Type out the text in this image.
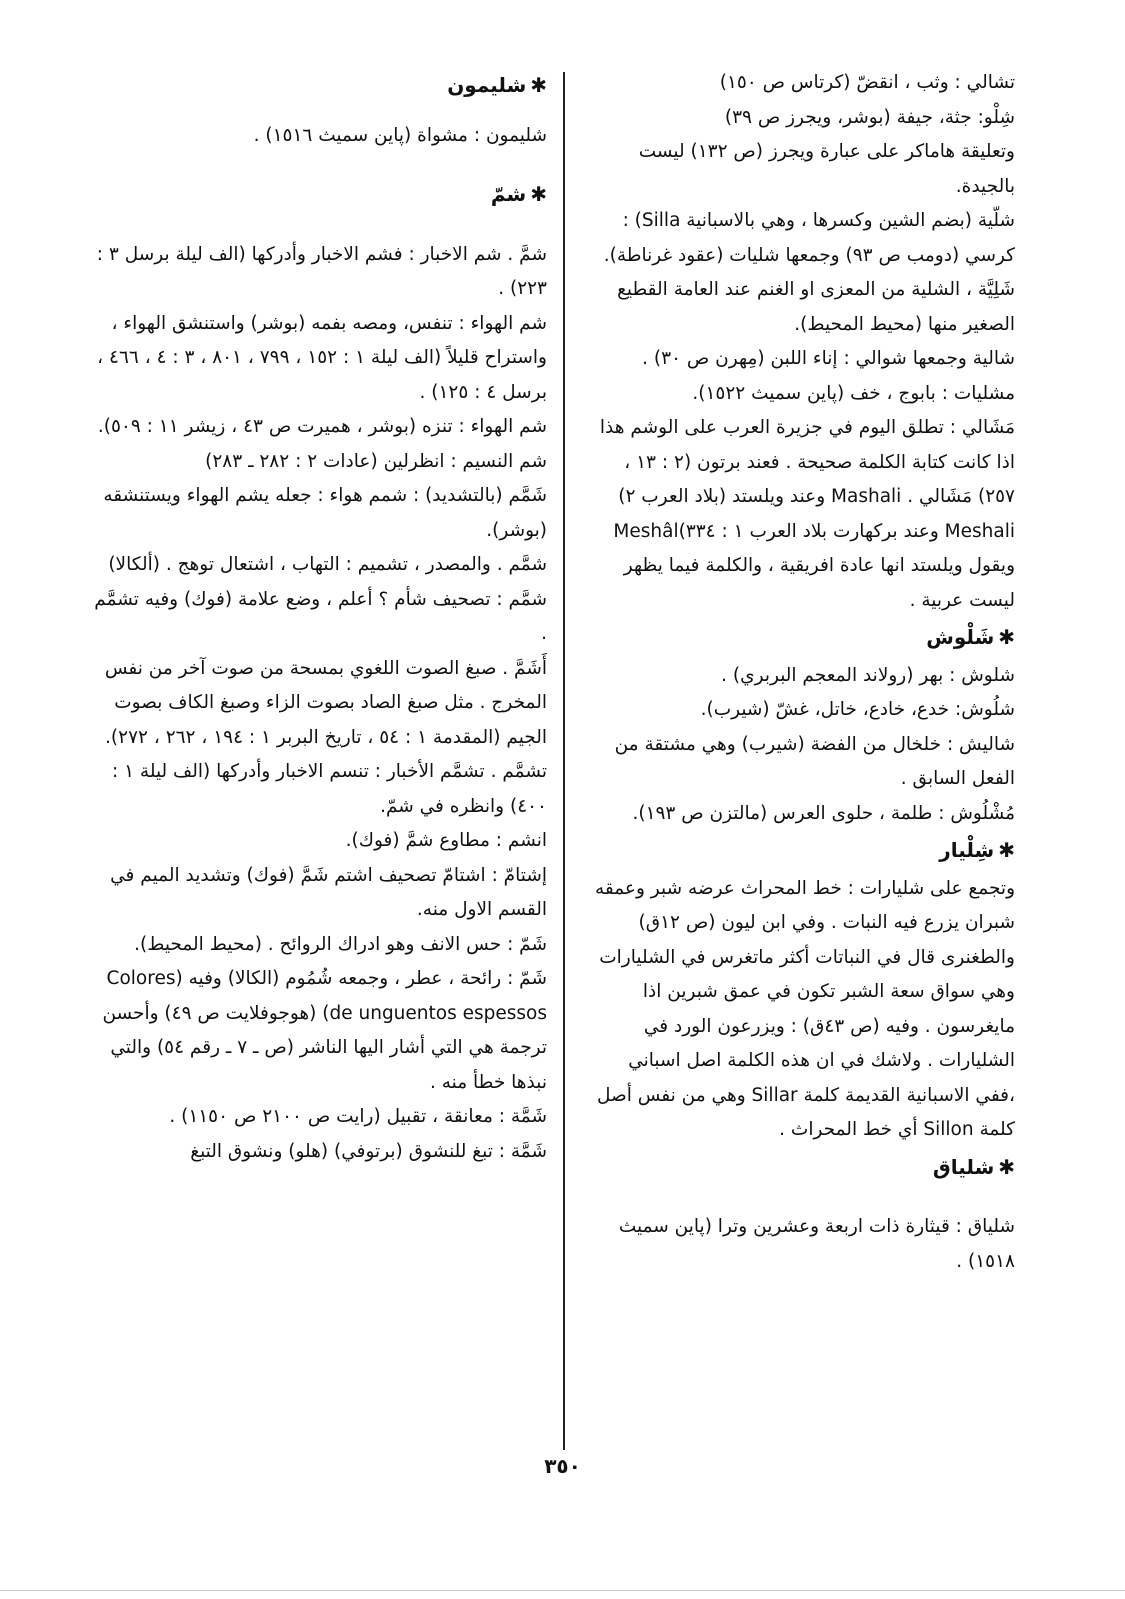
تشالي : وثب ، انقضّ (كرتاس ص ١٥٠)

شِلْو: جثة، جيفة (بوشر، ويجرز ص ٣٩)

وتعليقة هاماكر على عبارة ويجرز (ص ١٣٢) ليست بالجيدة.

شلّية (بضم الشين وكسرها ، وهي بالاسبانية Silla) : كرسي (دومب ص ٩٣) وجمعها شليات (عقود غرناطة).

شَلِيَّة ، الشلية من المعزى او الغنم عند العامة القطيع الصغير منها (محيط المحيط).

شالية وجمعها شوالي : إناء اللبن (مِهرن ص ٣٠) .

مشليات : بابوج ، خف (پاين سميث ١٥٢٢).

مَشَالي : تطلق اليوم في جزيرة العرب على الوشم هذا اذا كانت كتابة الكلمة صحيحة . فعند برتون (٢ : ١٣ ، ٢٥٧) مَشَالي . Mashali وعند ويلستد (بلاد العرب ٢) Meshali وعند بركهارت بلاد العرب ١ : ٣٣٤)Meshâl ويقول ويلستد انها عادة افريقية ، والكلمة فيما يظهر ليست عربية .

✱شَلْوش

شلوش : بهر (رولاند المعجم البربري) .

شلُوش: خدع، خادع، خاتل، غشّ (شيرب).

شاليش : خلخال من الفضة (شيرب) وهي مشتقة من الفعل السابق .

مُشْلُوش : طلمة ، حلوى العرس (مالتزن ص ١٩٣).

✱شِلْيار

وتجمع على شليارات : خط المحراث عرضه شبر وعمقه شبران يزرع فيه النبات . وفي ابن ليون (ص ١٢ق) والطغنرى قال في النباتات أكثر ماتغرس في الشليارات وهي سواق سعة الشبر تكون في عمق شبرين اذا مايغرسون . وفيه (ص ٤٣ق) : ويزرعون الورد في الشليارات . ولاشك في ان هذه الكلمة اصل اسباني ،ففي الاسبانية القديمة كلمة Sillar وهي من نفس أصل كلمة Sillon أي خط المحراث .

✱شلياق

شلياق : قيثارة ذات اربعة وعشرين وترا (پاين سميث ١٥١٨) .

✱شليمون

شليمون : مشواة (پاين سميث ١٥١٦) .

✱شمّ

شمَّ . شم الاخبار : فشم الاخبار وأدركها (الف ليلة برسل ٣ : ٢٢٣) .

شم الهواء : تنفس، ومصه بفمه (بوشر) واستنشق الهواء ، واستراح قليلاً (الف ليلة ١ : ١٥٢ ، ٧٩٩ ، ٨٠١ ، ٣ : ٤ ، ٤٦٦ ، برسل ٤ : ١٢٥) .

شم الهواء : تنزه (بوشر ، هميرت ص ٤٣ ، زيشر ١١ : ٥٠٩).

شم النسيم : انظرلين (عادات ٢ : ٢٨٢ ـ ٢٨٣)

شَمَّم (بالتشديد) : شمم هواء : جعله يشم الهواء ويستنشقه (بوشر).

شمَّم . والمصدر ، تشميم : التهاب ، اشتعال توهج . (ألكالا)

شمَّم : تصحيف شأم ؟ أعلم ، وضع علامة (فوك) وفيه تشمَّم .

أَشَمَّ . صبغ الصوت اللغوي بمسحة من صوت آخر من نفس المخرج . مثل صبغ الصاد بصوت الزاء وصبغ الكاف بصوت الجيم (المقدمة ١ : ٥٤ ، تاريخ البربر ١ : ١٩٤ ، ٢٦٢ ، ٢٧٢).

تشمَّم . تشمَّم الأخبار : تنسم الاخبار وأدركها (الف ليلة ١ : ٤٠٠) وانظره في شمّ.

انشم : مطاوع شمَّ (فوك).

إشتامّ : اشتامّ تصحيف اشتم شَمَّ (فوك) وتشديد الميم في القسم الاول منه.

شَمّ : حس الانف وهو ادراك الروائح . (محيط المحيط).

شَمّ : رائحة ، عطر ، وجمعه شُمُوم (الكالا) وفيه (Colores de unguentos espessos) (هوجوفلايت ص ٤٩) وأحسن ترجمة هي التي أشار اليها الناشر (ص ـ ٧ ـ رقم ٥٤) والتي نبذها خطأ منه .

شَمَّة : معانقة ، تقبيل (رايت ص ٢١٠٠ ص ١١٥٠) .

شَمَّة : تبغ للنشوق (برتوفي) (هلو) ونشوق التبغ

٣٥٠
